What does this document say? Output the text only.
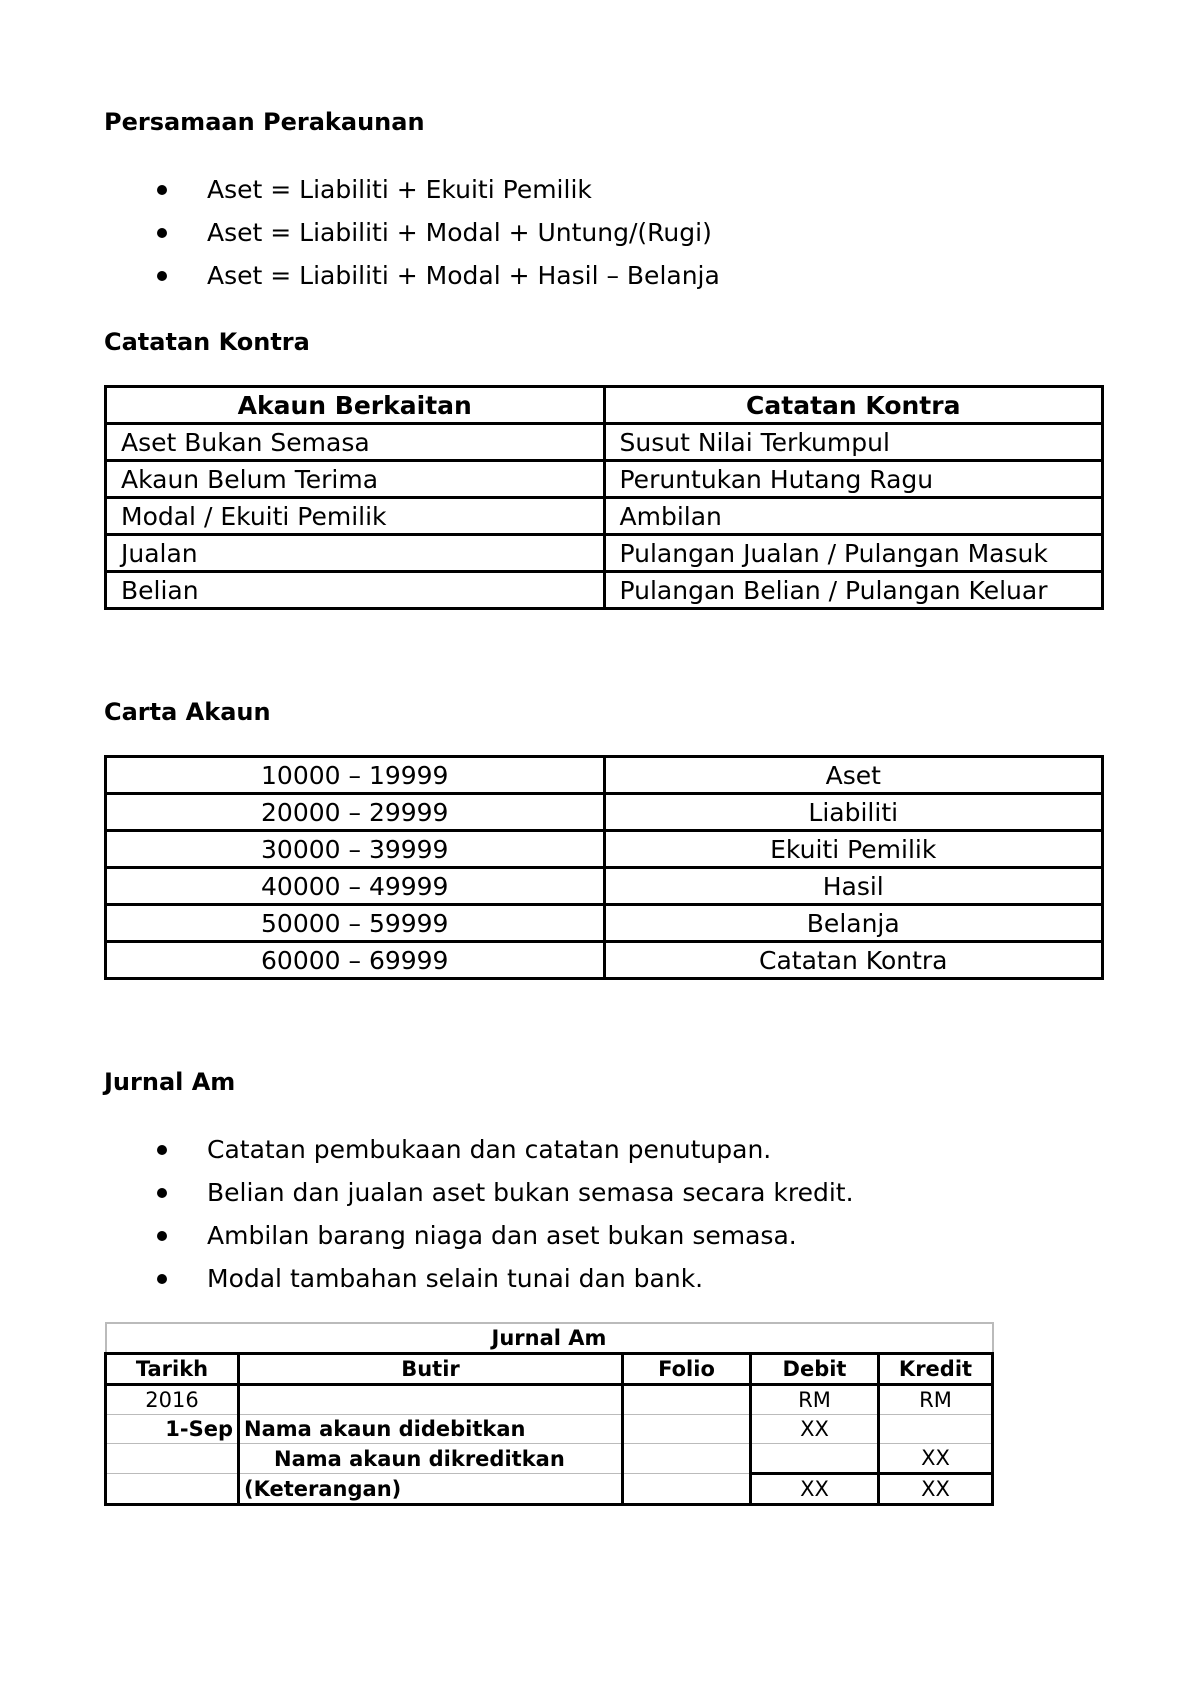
Persamaan Perakaunan
Aset = Liabiliti + Ekuiti Pemilik
Aset = Liabiliti + Modal + Untung/(Rugi)
Aset = Liabiliti + Modal + Hasil – Belanja
Catatan Kontra
Akaun Berkaitan	Catatan Kontra
Aset Bukan Semasa	Susut Nilai Terkumpul
Akaun Belum Terima	Peruntukan Hutang Ragu
Modal / Ekuiti Pemilik	Ambilan
Jualan	Pulangan Jualan / Pulangan Masuk
Belian	Pulangan Belian / Pulangan Keluar
Carta Akaun
10000 – 19999	Aset
20000 – 29999	Liabiliti
30000 – 39999	Ekuiti Pemilik
40000 – 49999	Hasil
50000 – 59999	Belanja
60000 – 69999	Catatan Kontra
Jurnal Am
Catatan pembukaan dan catatan penutupan.
Belian dan jualan aset bukan semasa secara kredit.
Ambilan barang niaga dan aset bukan semasa.
Modal tambahan selain tunai dan bank.
Jurnal Am				
Tarikh	Butir	Folio	Debit	Kredit
2016			RM	RM
1-Sep	Nama akaun didebitkan		XX	
	Nama akaun dikreditkan			XX
	(Keterangan)		XX	XX
